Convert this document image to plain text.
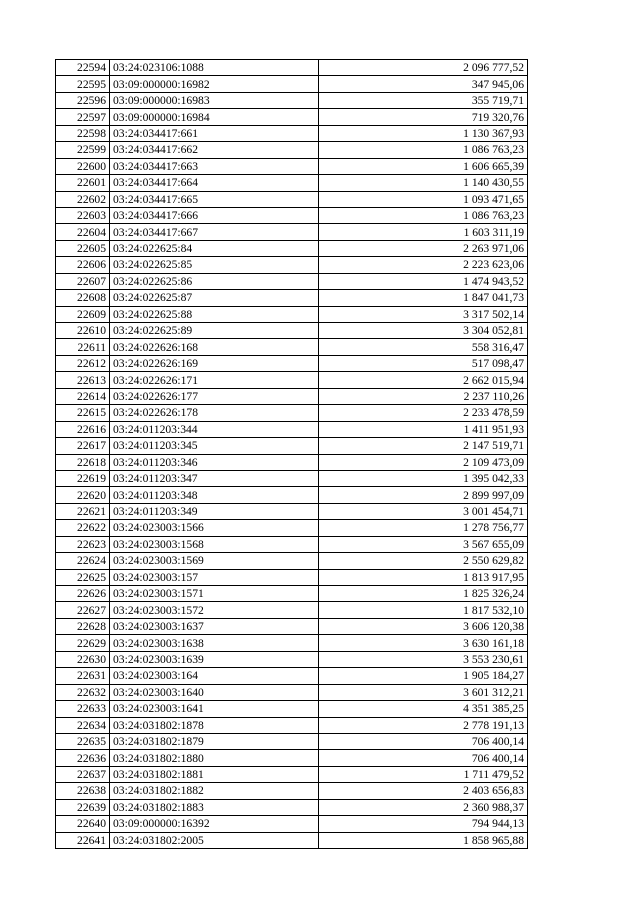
22594	03:24:023106:1088	2 096 777,52
22595	03:09:000000:16982	347 945,06
22596	03:09:000000:16983	355 719,71
22597	03:09:000000:16984	719 320,76
22598	03:24:034417:661	1 130 367,93
22599	03:24:034417:662	1 086 763,23
22600	03:24:034417:663	1 606 665,39
22601	03:24:034417:664	1 140 430,55
22602	03:24:034417:665	1 093 471,65
22603	03:24:034417:666	1 086 763,23
22604	03:24:034417:667	1 603 311,19
22605	03:24:022625:84	2 263 971,06
22606	03:24:022625:85	2 223 623,06
22607	03:24:022625:86	1 474 943,52
22608	03:24:022625:87	1 847 041,73
22609	03:24:022625:88	3 317 502,14
22610	03:24:022625:89	3 304 052,81
22611	03:24:022626:168	558 316,47
22612	03:24:022626:169	517 098,47
22613	03:24:022626:171	2 662 015,94
22614	03:24:022626:177	2 237 110,26
22615	03:24:022626:178	2 233 478,59
22616	03:24:011203:344	1 411 951,93
22617	03:24:011203:345	2 147 519,71
22618	03:24:011203:346	2 109 473,09
22619	03:24:011203:347	1 395 042,33
22620	03:24:011203:348	2 899 997,09
22621	03:24:011203:349	3 001 454,71
22622	03:24:023003:1566	1 278 756,77
22623	03:24:023003:1568	3 567 655,09
22624	03:24:023003:1569	2 550 629,82
22625	03:24:023003:157	1 813 917,95
22626	03:24:023003:1571	1 825 326,24
22627	03:24:023003:1572	1 817 532,10
22628	03:24:023003:1637	3 606 120,38
22629	03:24:023003:1638	3 630 161,18
22630	03:24:023003:1639	3 553 230,61
22631	03:24:023003:164	1 905 184,27
22632	03:24:023003:1640	3 601 312,21
22633	03:24:023003:1641	4 351 385,25
22634	03:24:031802:1878	2 778 191,13
22635	03:24:031802:1879	706 400,14
22636	03:24:031802:1880	706 400,14
22637	03:24:031802:1881	1 711 479,52
22638	03:24:031802:1882	2 403 656,83
22639	03:24:031802:1883	2 360 988,37
22640	03:09:000000:16392	794 944,13
22641	03:24:031802:2005	1 858 965,88
